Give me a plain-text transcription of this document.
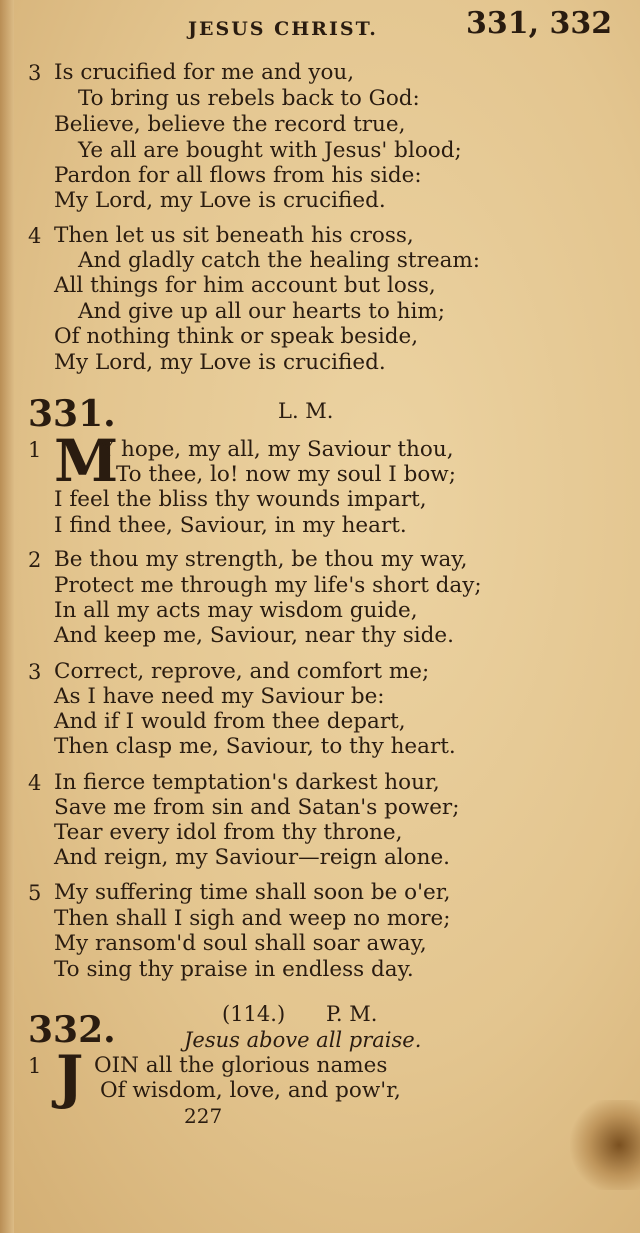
JESUS CHRIST.	331, 332
3 Is crucified for me and you,
To bring us rebels back to God:
Believe, believe the record true,
Ye all are bought with Jesus' blood;
Pardon for all flows from his side:
My Lord, my Love is crucified.
4 Then let us sit beneath his cross,
And gladly catch the healing stream:
All things for him account but loss,
And give up all our hearts to him;
Of nothing think or speak beside,
My Lord, my Love is crucified.
331.	L. M.
1 M
Y hope, my all, my Saviour thou,
To thee, lo! now my soul I bow;
I feel the bliss thy wounds impart,
I find thee, Saviour, in my heart.
2 Be thou my strength, be thou my way,
Protect me through my life's short day;
In all my acts may wisdom guide,
And keep me, Saviour, near thy side.
3 Correct, reprove, and comfort me;
As I have need my Saviour be:
And if I would from thee depart,
Then clasp me, Saviour, to thy heart.
4 In fierce temptation's darkest hour,
Save me from sin and Satan's power;
Tear every idol from thy throne,
And reign, my Saviour—reign alone.
5 My suffering time shall soon be o'er,
Then shall I sigh and weep no more;
My ransom'd soul shall soar away,
To sing thy praise in endless day.
332.	(114.) P. M.
Jesus above all praise.
1 J OIN all the glorious names
Of wisdom, love, and pow'r,
227
